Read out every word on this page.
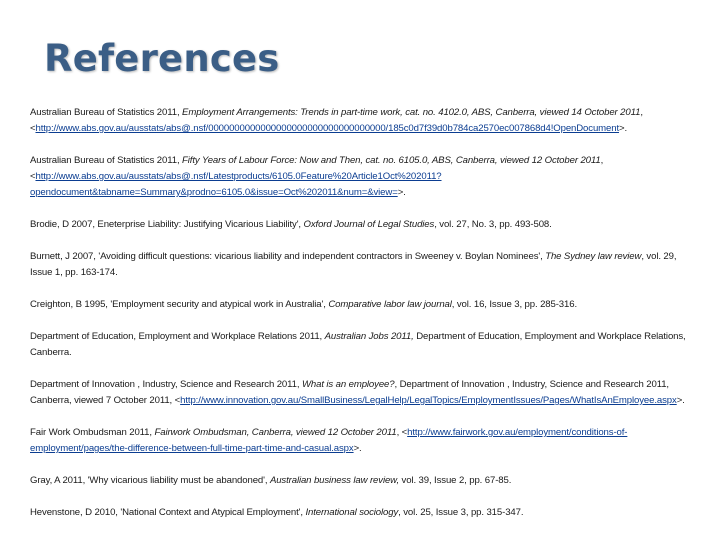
References

Australian Bureau of Statistics 2011, Employment Arrangements: Trends in part-time work, cat. no. 4102.0, ABS, Canberra, viewed 14 October 2011, <http://www.abs.gov.au/ausstats/abs@.nsf/0000000000000000000000000000000000/185c0d7f39d0b784ca2570ec007868d4!OpenDocument>.

Australian Bureau of Statistics 2011, Fifty Years of Labour Force: Now and Then, cat. no. 6105.0, ABS, Canberra, viewed 12 October 2011, <http://www.abs.gov.au/ausstats/abs@.nsf/Latestproducts/6105.0Feature%20Article1Oct%202011?opendocument&tabname=Summary&prodno=6105.0&issue=Oct%202011&num=&view=>.

Brodie, D 2007, Eneterprise Liability: Justifying Vicarious Liability', Oxford Journal of Legal Studies, vol. 27, No. 3, pp. 493-508.

Burnett, J 2007, 'Avoiding difficult questions: vicarious liability and independent contractors in Sweeney v. Boylan Nominees', The Sydney law review, vol. 29, Issue 1, pp. 163-174.

Creighton, B 1995, 'Employment security and atypical work in Australia', Comparative labor law journal, vol. 16, Issue 3, pp. 285-316.

Department of Education, Employment and Workplace Relations 2011, Australian Jobs 2011, Department of Education, Employment and Workplace Relations, Canberra.

Department of Innovation , Industry, Science and Research 2011, What is an employee?, Department of Innovation , Industry, Science and Research 2011, Canberra, viewed 7 October 2011, <http://www.innovation.gov.au/SmallBusiness/LegalHelp/LegalTopics/EmploymentIssues/Pages/WhatIsAnEmployee.aspx>.

Fair Work Ombudsman 2011, Fairwork Ombudsman, Canberra, viewed 12 October 2011, <http://www.fairwork.gov.au/employment/conditions-of-employment/pages/the-difference-between-full-time-part-time-and-casual.aspx>.

Gray, A 2011, 'Why vicarious liability must be abandoned', Australian business law review, vol. 39, Issue 2, pp. 67-85.

Hevenstone, D 2010, 'National Context and Atypical Employment', International sociology, vol. 25, Issue 3, pp. 315-347.
